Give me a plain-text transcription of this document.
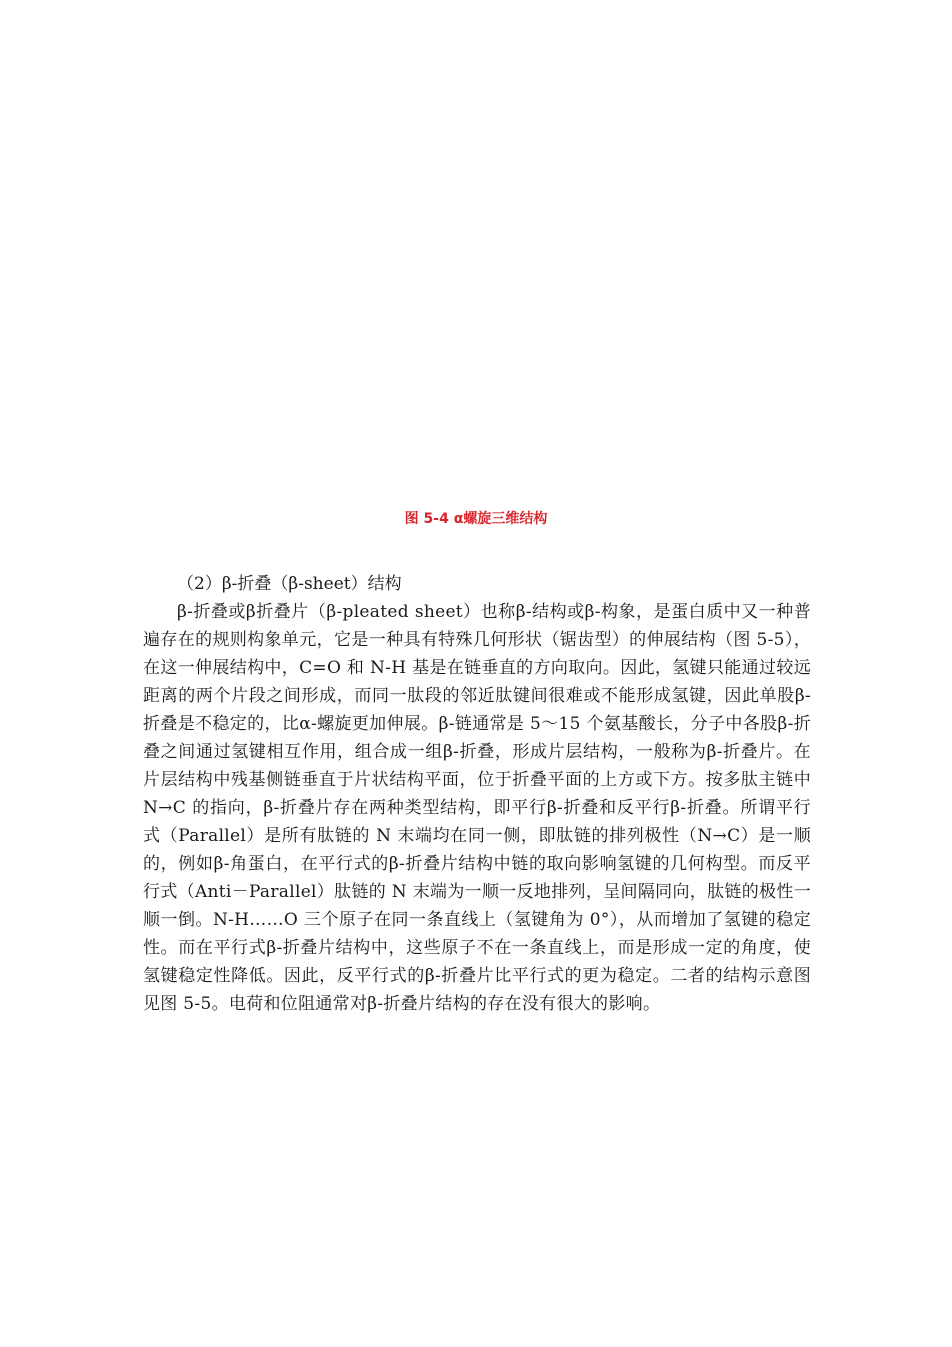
图 5-4 α螺旋三维结构

（2）β-折叠（β-sheet）结构

β-折叠或β折叠片（β-pleated sheet）也称β-结构或β-构象，是蛋白质中又一种普遍存在的规则构象单元，它是一种具有特殊几何形状（锯齿型）的伸展结构（图 5-5），在这一伸展结构中，C=O 和 N-H 基是在链垂直的方向取向。因此，氢键只能通过较远距离的两个片段之间形成，而同一肽段的邻近肽键间很难或不能形成氢键，因此单股β-折叠是不稳定的，比α-螺旋更加伸展。β-链通常是 5～15 个氨基酸长，分子中各股β-折叠之间通过氢键相互作用，组合成一组β-折叠，形成片层结构，一般称为β-折叠片。在片层结构中残基侧链垂直于片状结构平面，位于折叠平面的上方或下方。按多肽主链中 N→C 的指向，β-折叠片存在两种类型结构，即平行β-折叠和反平行β-折叠。所谓平行式（Parallel）是所有肽链的 N 末端均在同一侧，即肽链的排列极性（N→C）是一顺的，例如β-角蛋白，在平行式的β-折叠片结构中链的取向影响氢键的几何构型。而反平行式（Anti－Parallel）肽链的 N 末端为一顺一反地排列，呈间隔同向，肽链的极性一顺一倒。N-H……O 三个原子在同一条直线上（氢键角为 0°），从而增加了氢键的稳定性。而在平行式β-折叠片结构中，这些原子不在一条直线上，而是形成一定的角度，使氢键稳定性降低。因此，反平行式的β-折叠片比平行式的更为稳定。二者的结构示意图见图 5-5。电荷和位阻通常对β-折叠片结构的存在没有很大的影响。
